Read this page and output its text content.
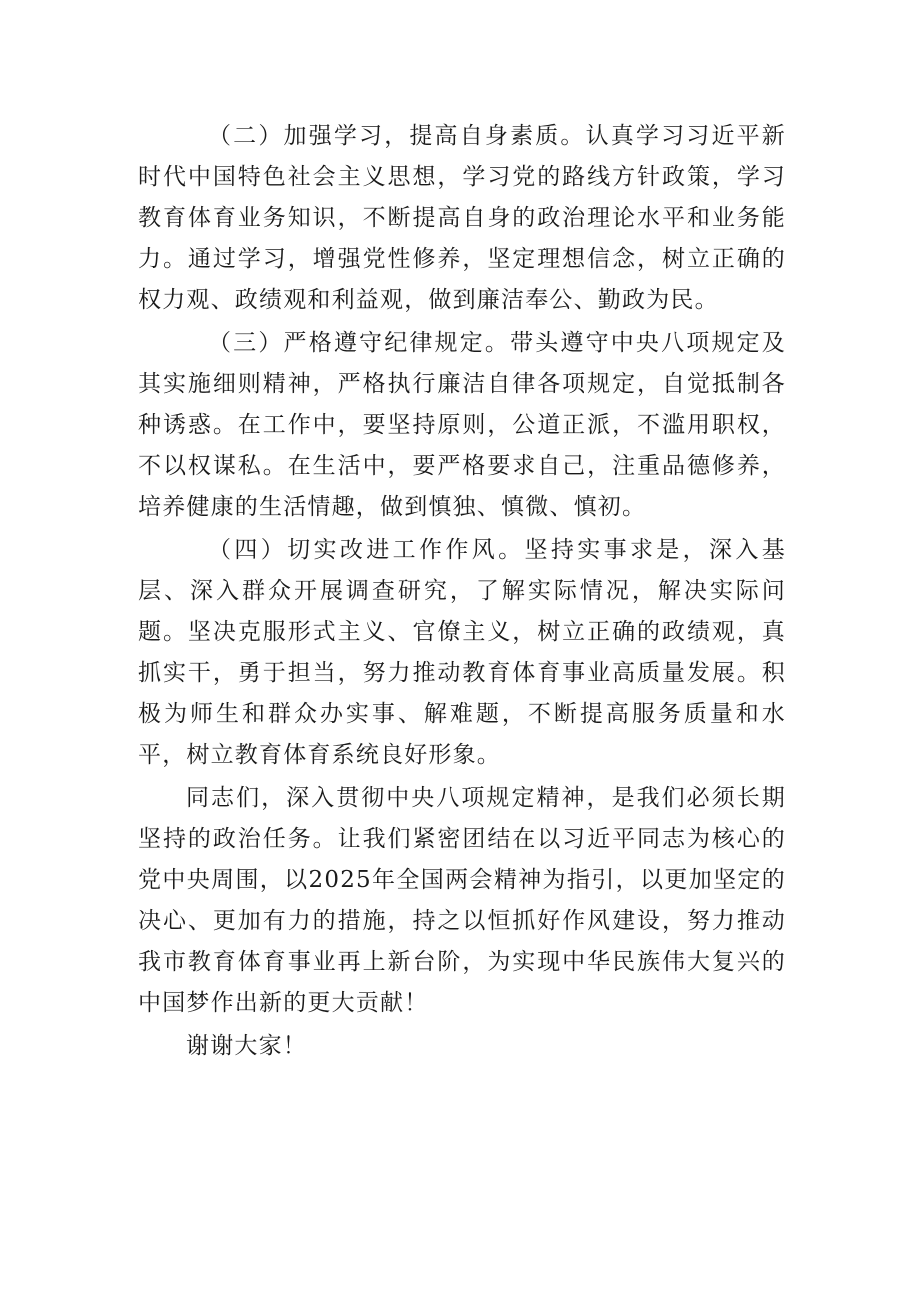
（二）加强学习，提高自身素质。认真学习习近平新时代中国特色社会主义思想，学习党的路线方针政策，学习教育体育业务知识，不断提高自身的政治理论水平和业务能力。通过学习，增强党性修养，坚定理想信念，树立正确的权力观、政绩观和利益观，做到廉洁奉公、勤政为民。

（三）严格遵守纪律规定。带头遵守中央八项规定及其实施细则精神，严格执行廉洁自律各项规定，自觉抵制各种诱惑。在工作中，要坚持原则，公道正派，不滥用职权，不以权谋私。在生活中，要严格要求自己，注重品德修养，培养健康的生活情趣，做到慎独、慎微、慎初。

（四）切实改进工作作风。坚持实事求是，深入基层、深入群众开展调查研究，了解实际情况，解决实际问题。坚决克服形式主义、官僚主义，树立正确的政绩观，真抓实干，勇于担当，努力推动教育体育事业高质量发展。积极为师生和群众办实事、解难题，不断提高服务质量和水平，树立教育体育系统良好形象。

同志们，深入贯彻中央八项规定精神，是我们必须长期坚持的政治任务。让我们紧密团结在以习近平同志为核心的党中央周围，以2025年全国两会精神为指引，以更加坚定的决心、更加有力的措施，持之以恒抓好作风建设，努力推动我市教育体育事业再上新台阶，为实现中华民族伟大复兴的中国梦作出新的更大贡献！

谢谢大家！
